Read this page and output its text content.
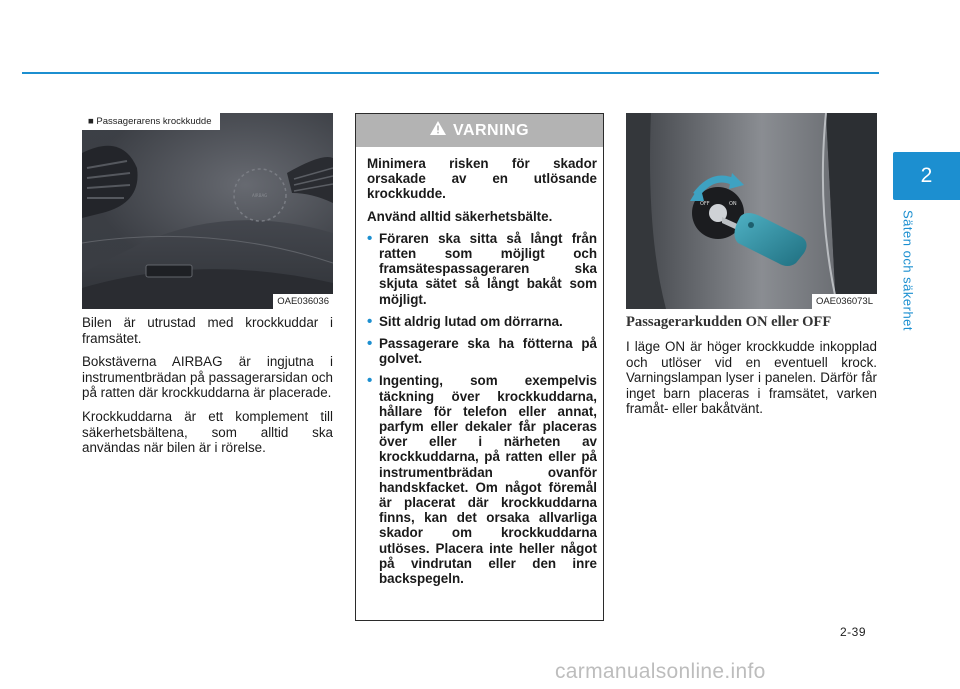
2
Säten och säkerhet
AIRBAG
■ Passagerarens krockkudde
OAE036036

Bilen är utrustad med krockkuddar i framsätet.

Bokstäverna AIRBAG är ingjutna i instrumentbrädan på passagerarsidan och på ratten där krockkuddarna är placerade.

Krockkuddarna är ett komplement till säkerhetsbältena, som alltid ska användas när bilen är i rörelse.

VARNING

Minimera risken för skador orsakade av en utlösande krockkudde.

Använd alltid säkerhetsbälte.

• Föraren ska sitta så långt från ratten som möjligt och framsätespassageraren ska skjuta sätet så långt bakåt som möjligt.
• Sitt aldrig lutad om dörrarna.
• Passagerare ska ha fötterna på golvet.
• Ingenting, som exempelvis täckning över krockkuddarna, hållare för telefon eller annat, parfym eller dekaler får placeras över eller i närheten av krockkuddarna, på ratten eller på instrumentbrädan ovanför handskfacket. Om något föremål är placerat där krockkuddarna finns, kan det orsaka allvarliga skador om krockkuddarna utlöses. Placera inte heller något på vindrutan eller den inre backspegeln.
OFF	ON
OAE036073L
Passagerarkudden ON eller OFF

I läge ON är höger krockkudde inkopplad och utlöser vid en eventuell krock. Varningslampan lyser i panelen. Därför får inget barn placeras i framsätet, varken framåt- eller bakåtvänt.

2-39
carmanualsonline.info
